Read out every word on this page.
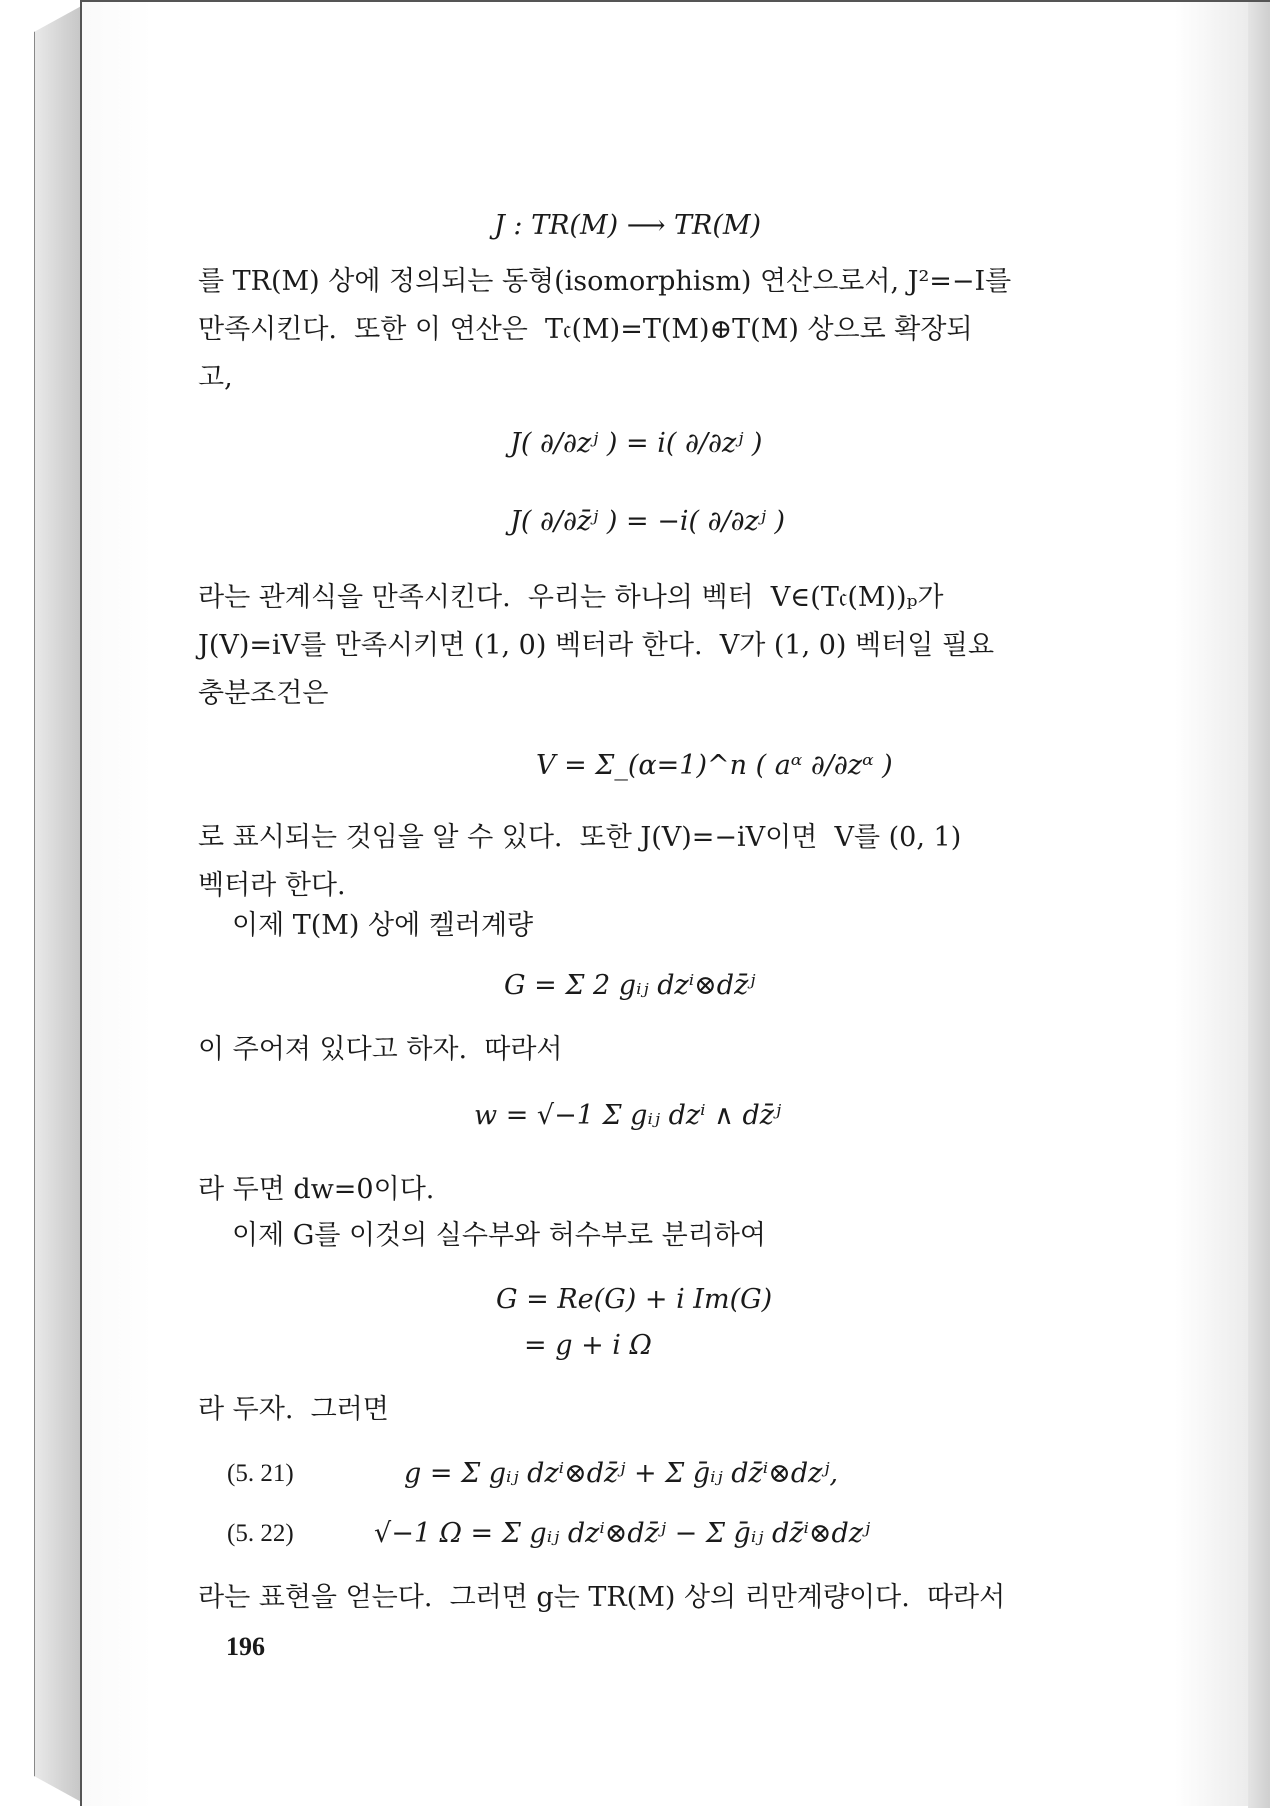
J : TR(M) ⟶ TR(M)
를 TR(M) 상에 정의되는 동형(isomorphism) 연산으로서, J²=−I를
만족시킨다.  또한 이 연산은  T𝔠(M)=T(M)⊕T(M) 상으로 확장되
고,
J( ∂/∂zʲ ) = i( ∂/∂zʲ )
J( ∂/∂z̄ʲ ) = −i( ∂/∂zʲ )
라는 관계식을 만족시킨다.  우리는 하나의 벡터  V∈(T𝔠(M))ₚ가
J(V)=iV를 만족시키면 (1, 0) 벡터라 한다.  V가 (1, 0) 벡터일 필요
충분조건은
V = Σ_(α=1)^n ( aᵅ ∂/∂zᵅ )
로 표시되는 것임을 알 수 있다.  또한 J(V)=−iV이면  V를 (0, 1)
벡터라 한다.
이제 T(M) 상에 켈러계량
G = Σ 2 gᵢⱼ dzⁱ⊗dz̄ʲ
이 주어져 있다고 하자.  따라서
w = √−1 Σ gᵢⱼ dzⁱ ∧ dz̄ʲ
라 두면 dw=0이다.
이제 G를 이것의 실수부와 허수부로 분리하여
G = Re(G) + i Im(G)
= g + i Ω
라 두자.  그러면
(5. 21)	g = Σ gᵢⱼ dzⁱ⊗dz̄ʲ + Σ ḡᵢⱼ dz̄ⁱ⊗dzʲ,
(5. 22)	√−1 Ω = Σ gᵢⱼ dzⁱ⊗dz̄ʲ − Σ ḡᵢⱼ dz̄ⁱ⊗dzʲ
라는 표현을 얻는다.  그러면 g는 TR(M) 상의 리만계량이다.  따라서
196
